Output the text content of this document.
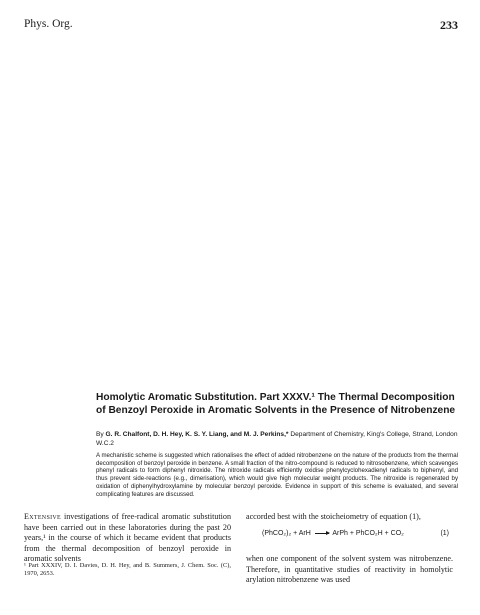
Phys. Org.	233
Homolytic Aromatic Substitution. Part XXXV.¹ The Thermal Decomposition of Benzoyl Peroxide in Aromatic Solvents in the Presence of Nitrobenzene

By G. R. Chalfont, D. H. Hey, K. S. Y. Liang, and M. J. Perkins,* Department of Chemistry, King's College, Strand, London W.C.2

A mechanistic scheme is suggested which rationalises the effect of added nitrobenzene on the nature of the products from the thermal decomposition of benzoyl peroxide in benzene. A small fraction of the nitro-compound is reduced to nitrosobenzene, which scavenges phenyl radicals to form diphenyl nitroxide. The nitroxide radicals efficiently oxidise phenylcyclohexadienyl radicals to biphenyl, and thus prevent side-reactions (e.g., dimerisation), which would give high molecular weight products. The nitroxide is regenerated by oxidation of diphenylhydroxylamine by molecular benzoyl peroxide. Evidence in support of this scheme is evaluated, and several complicating features are discussed.

Extensive investigations of free-radical aromatic substitution have been carried out in these laboratories during the past 20 years,¹ in the course of which it became evident that products from the thermal decomposition of benzoyl peroxide in aromatic solvents

¹ Part XXXIV, D. I. Davies, D. H. Hey, and B. Summers, J. Chem. Soc. (C), 1970, 2653.

accorded best with the stoicheiometry of equation (1),

(PhCO₂)₂ + ArH → ArPh + PhCO₂H + CO₂	(1)

when one component of the solvent system was nitrobenzene. Therefore, in quantitative studies of reactivity in homolytic arylation nitrobenzene was used
